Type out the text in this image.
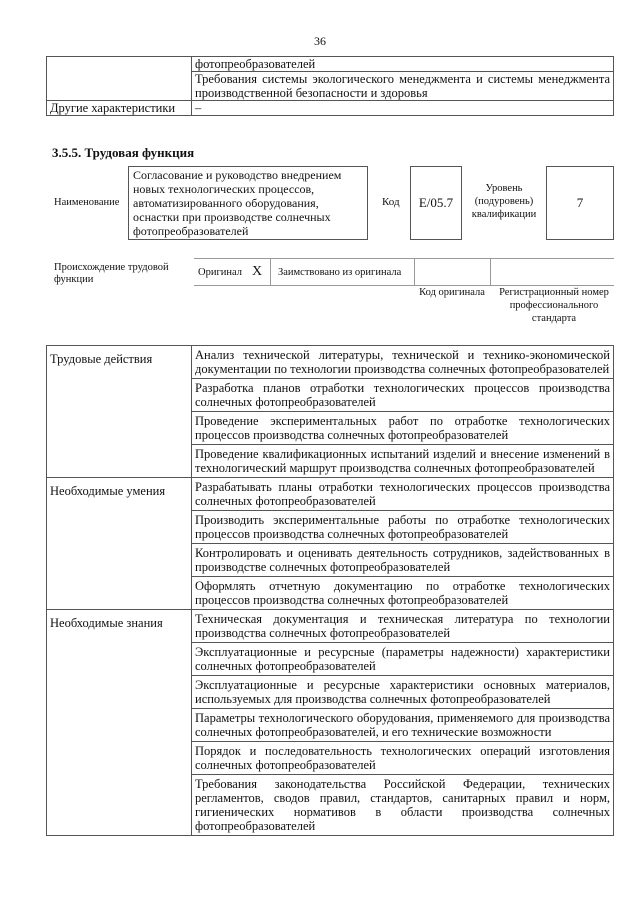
36
	фотопреобразователей
	Требования системы экологического менеджмента и системы менеджмента производственной безопасности и здоровья
Другие характеристики	–
3.5.5. Трудовая функция
Наименование
Согласование и руководство внедрением новых технологических процессов, автоматизированного оборудования, оснастки при производстве солнечных фотопреобразователей
Код	E/05.7
Уровень (подуровень) квалификации
7
Происхождение трудовой функции
Оригинал X Заимствовано из оригинала
Код оригинала	Регистрационный номер профессионального стандарта
Трудовые действия	Анализ технической литературы, технической и технико-экономической документации по технологии производства солнечных фотопреобразователей
	Разработка планов отработки технологических процессов производства солнечных фотопреобразователей
	Проведение экспериментальных работ по отработке технологических процессов производства солнечных фотопреобразователей
	Проведение квалификационных испытаний изделий и внесение изменений в технологический маршрут производства солнечных фотопреобразователей
Необходимые умения	Разрабатывать планы отработки технологических процессов производства солнечных фотопреобразователей
	Производить экспериментальные работы по отработке технологических процессов производства солнечных фотопреобразователей
	Контролировать и оценивать деятельность сотрудников, задействованных в производстве солнечных фотопреобразователей
	Оформлять отчетную документацию по отработке технологических процессов производства солнечных фотопреобразователей
Необходимые знания	Техническая документация и техническая литература по технологии производства солнечных фотопреобразователей
	Эксплуатационные и ресурсные (параметры надежности) характеристики солнечных фотопреобразователей
	Эксплуатационные и ресурсные характеристики основных материалов, используемых для производства солнечных фотопреобразователей
	Параметры технологического оборудования, применяемого для производства солнечных фотопреобразователей, и его технические возможности
	Порядок и последовательность технологических операций изготовления солнечных фотопреобразователей
	Требования законодательства Российской Федерации, технических регламентов, сводов правил, стандартов, санитарных правил и норм, гигиенических нормативов в области производства солнечных фотопреобразователей
